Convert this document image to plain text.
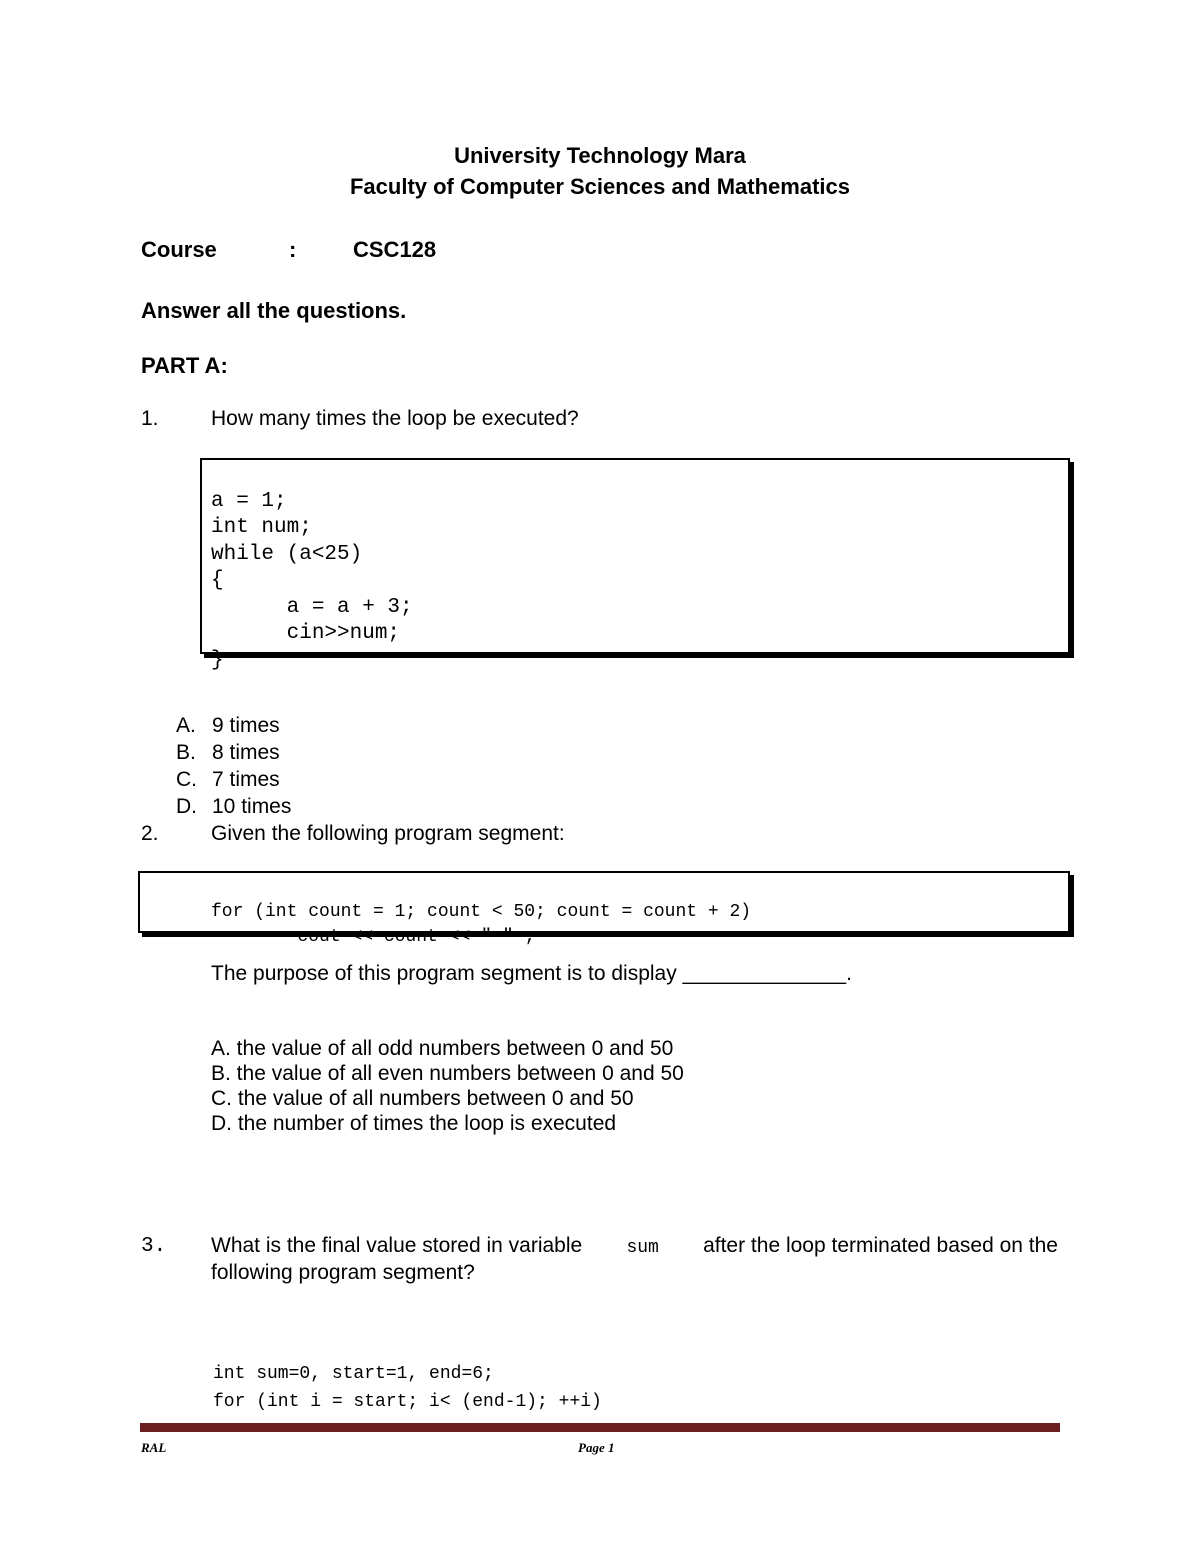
University Technology Mara
Faculty of Computer Sciences and Mathematics
Course	:	CSC128
Answer all the questions.
PART A:
1. How many times the loop be executed?

a = 1;
int num;
while (a<25)
{
a = a + 3;
cin>>num;
}

A. 9 times
B. 8 times
C. 7 times
D. 10 times

2. Given the following program segment:

for (int count = 1; count < 50; count = count + 2)
cout << count << " " ;

The purpose of this program segment is to display ______________.

A. the value of all odd numbers between 0 and 50
B. the value of all even numbers between 0 and 50
C. the value of all numbers between 0 and 50
D. the number of times the loop is executed

3. What is the final value stored in variable sum after the loop terminated based on the
following program segment?

int sum=0, start=1, end=6;
for (int i = start; i< (end-1); ++i)

RAL	Page 1
